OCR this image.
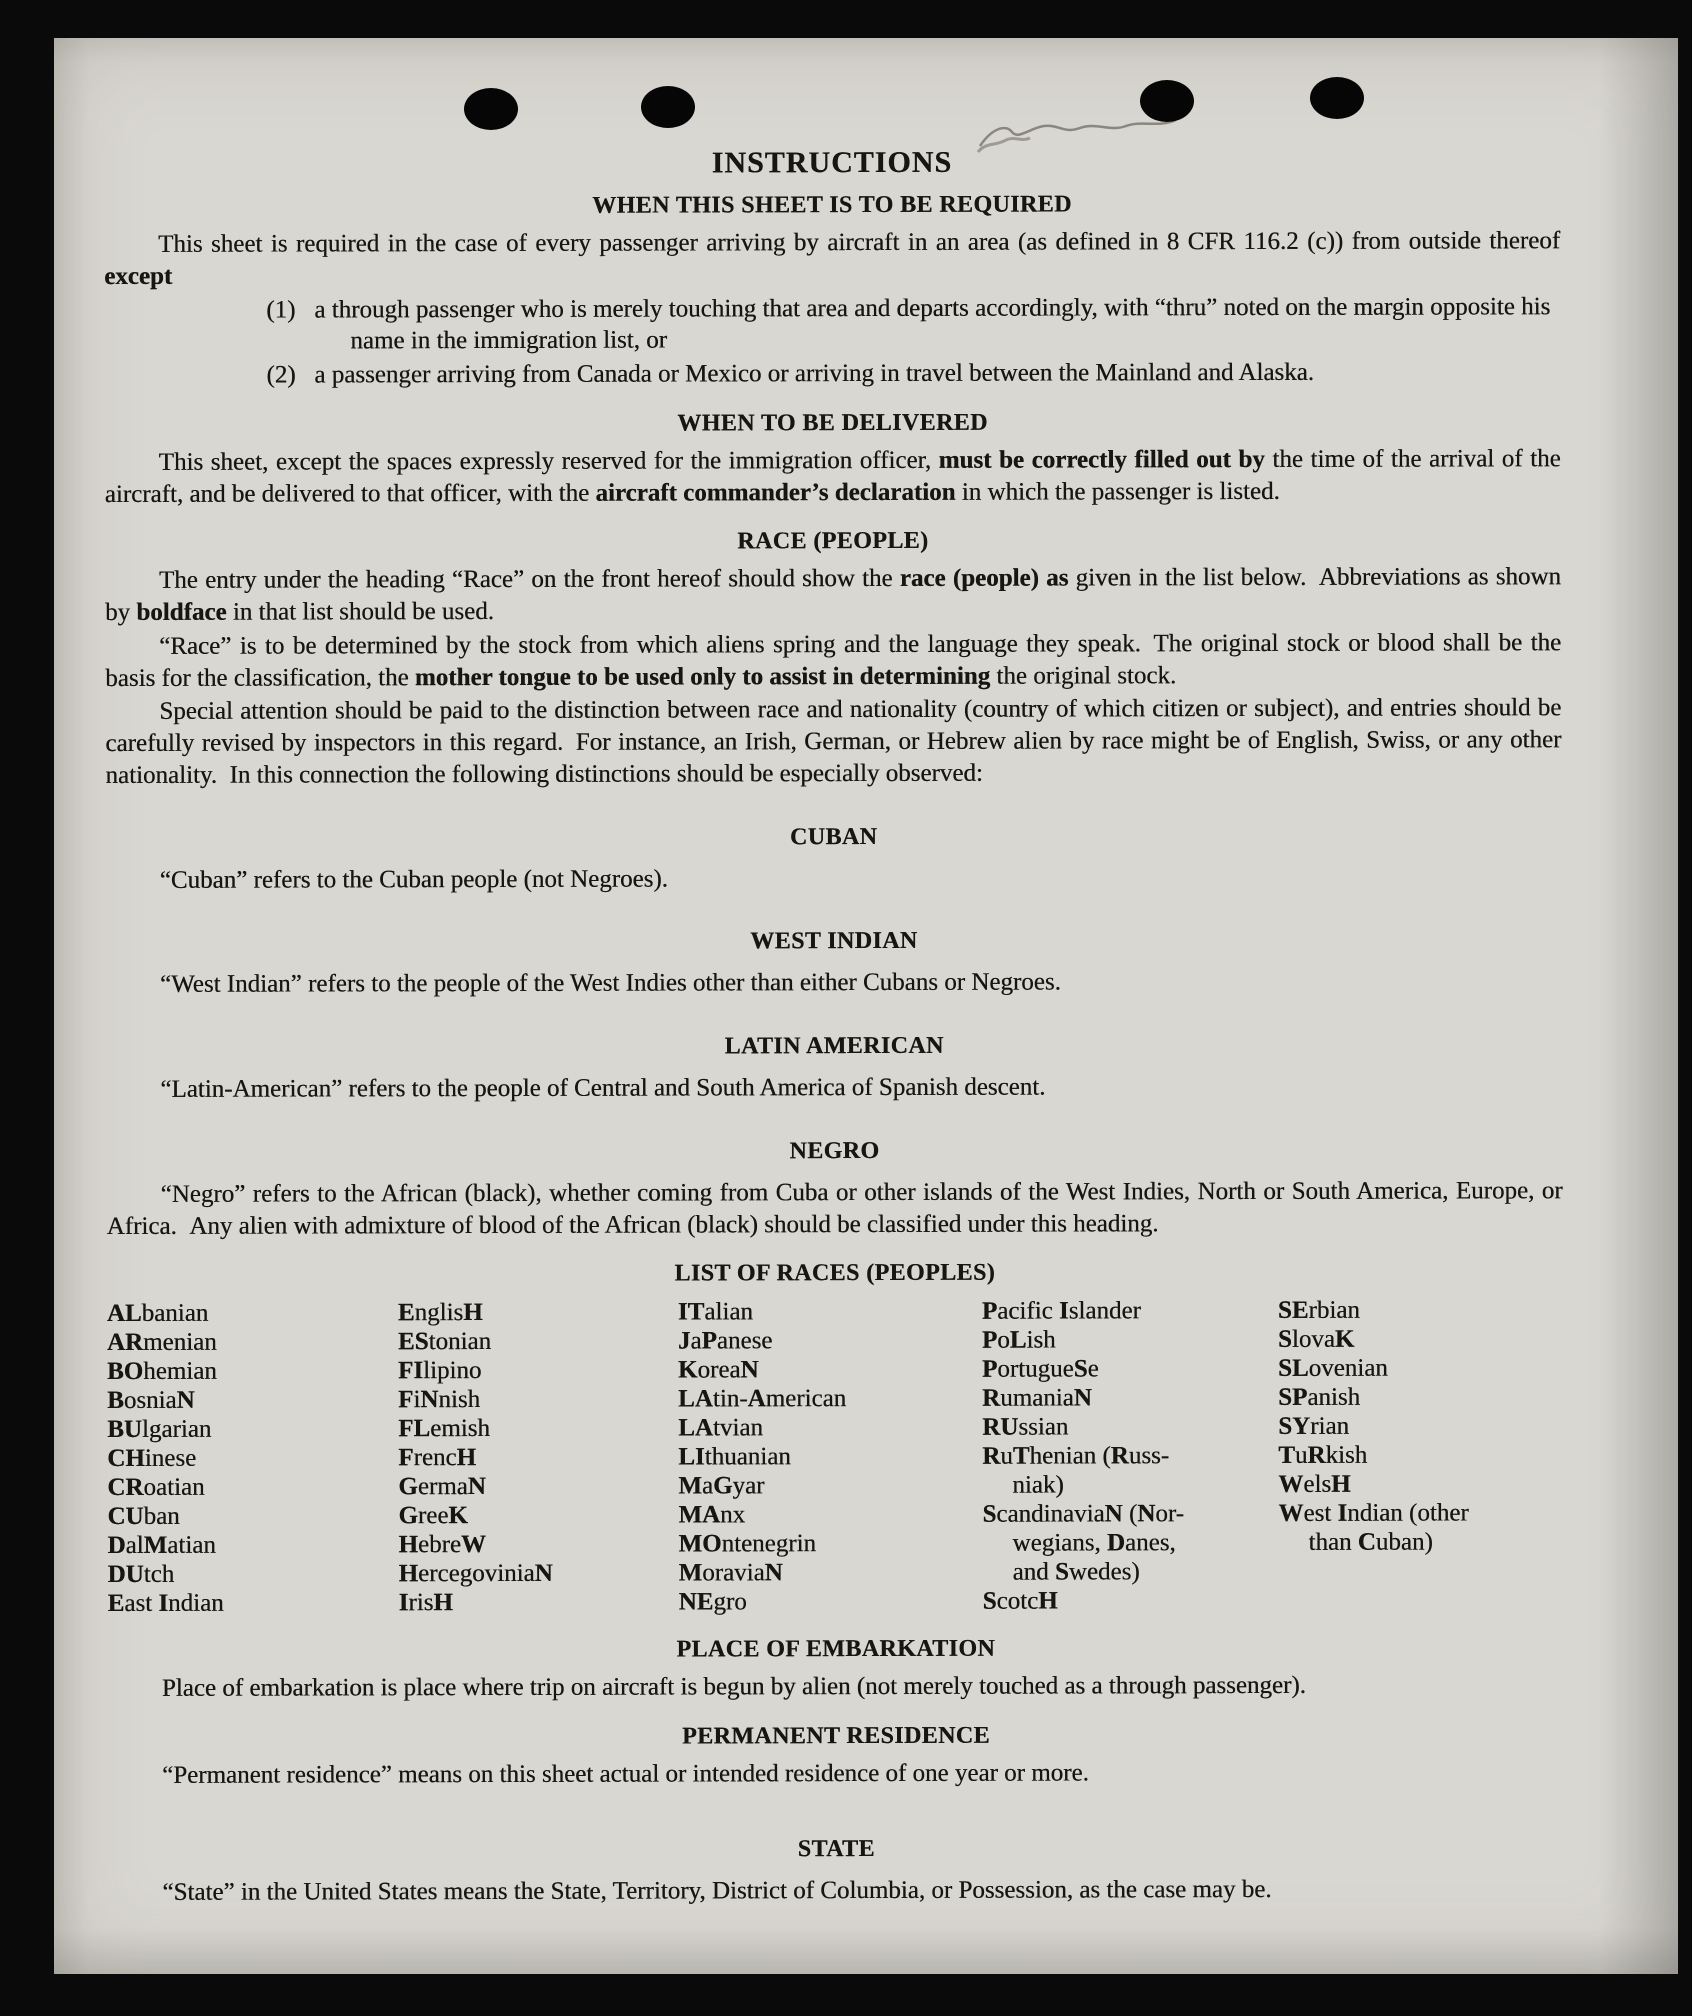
INSTRUCTIONS
WHEN THIS SHEET IS TO BE REQUIRED

This sheet is required in the case of every passenger arriving by aircraft in an area (as defined in 8 CFR 116.2 (c)) from outside thereof except

(1)   a through passenger who is merely touching that area and departs accordingly, with “thru” noted on the margin opposite his name in the immigration list, or
(2)   a passenger arriving from Canada or Mexico or arriving in travel between the Mainland and Alaska.
WHEN TO BE DELIVERED

This sheet, except the spaces expressly reserved for the immigration officer, must be correctly filled out by the time of the arrival of the aircraft, and be delivered to that officer, with the aircraft commander’s declaration in which the passenger is listed.

RACE (PEOPLE)

The entry under the heading “Race” on the front hereof should show the race (people) as given in the list below. Abbreviations as shown by boldface in that list should be used.

“Race” is to be determined by the stock from which aliens spring and the language they speak. The original stock or blood shall be the basis for the classification, the mother tongue to be used only to assist in determining the original stock.

Special attention should be paid to the distinction between race and nationality (country of which citizen or subject), and entries should be carefully revised by inspectors in this regard. For instance, an Irish, German, or Hebrew alien by race might be of English, Swiss, or any other nationality. In this connection the following distinctions should be especially observed:

CUBAN

“Cuban” refers to the Cuban people (not Negroes).

WEST INDIAN

“West Indian” refers to the people of the West Indies other than either Cubans or Negroes.

LATIN AMERICAN

“Latin-American” refers to the people of Central and South America of Spanish descent.

NEGRO

“Negro” refers to the African (black), whether coming from Cuba or other islands of the West Indies, North or South America, Europe, or Africa. Any alien with admixture of blood of the African (black) should be classified under this heading.

LIST OF RACES (PEOPLES)
ALbanian
ARmenian
BOhemian
BosniaN
BUlgarian
CHinese
CRoatian
CUban
DalMatian
DUtch
East Indian
EnglisH
EStonian
FIlipino
FiNnish
FLemish
FrencH
GermaN
GreeK
HebreW
HercegoviniaN
IrisH
ITalian
JaPanese
KoreaN
LAtin-American
LAtvian
LIthuanian
MaGyar
MAnx
MOntenegrin
MoraviaN
NEgro
Pacific Islander
PoLish
PortugueSe
RumaniaN
RUssian
RuThenian (Russ-
niak)
ScandinaviaN (Nor-
wegians, Danes,
and Swedes)
ScotcH
SErbian
SlovaK
SLovenian
SPanish
SYrian
TuRkish
WelsH
West Indian (other
than Cuban)
PLACE OF EMBARKATION

Place of embarkation is place where trip on aircraft is begun by alien (not merely touched as a through passenger).

PERMANENT RESIDENCE

“Permanent residence” means on this sheet actual or intended residence of one year or more.

STATE

“State” in the United States means the State, Territory, District of Columbia, or Possession, as the case may be.
